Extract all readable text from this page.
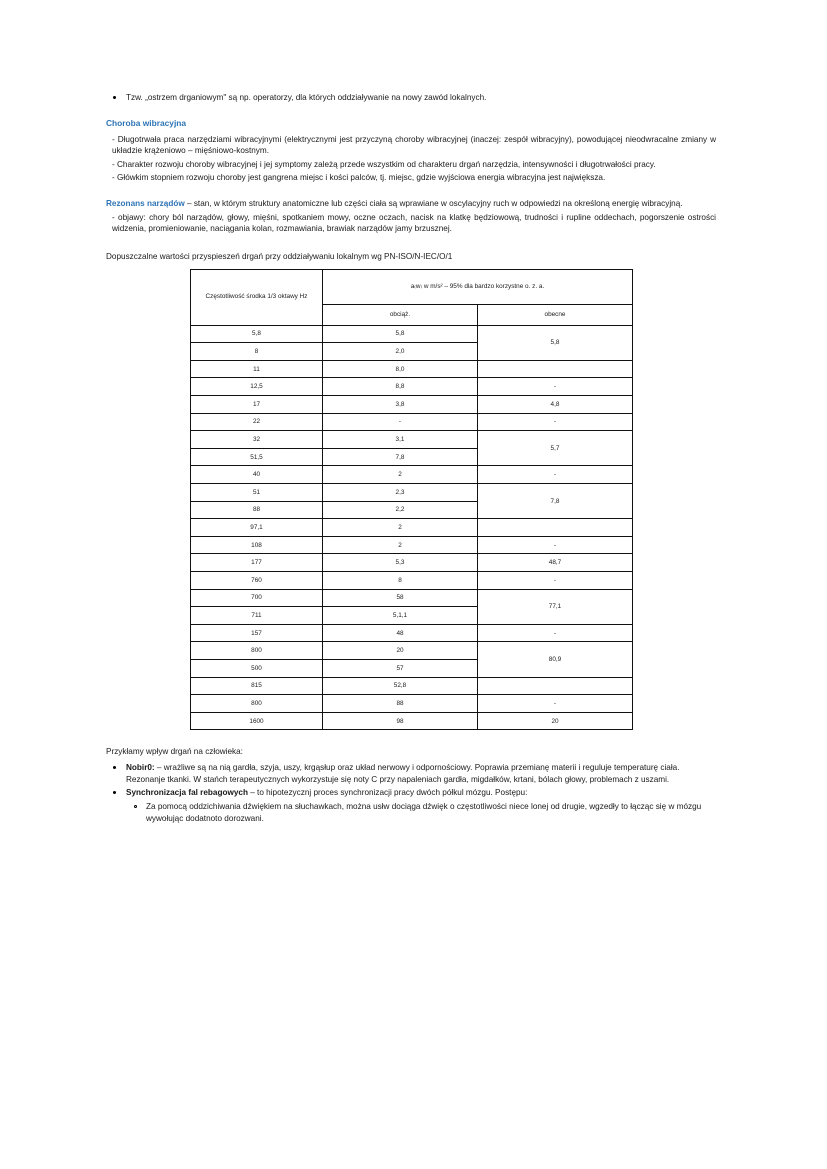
Tzw. „ostrzem drganiowym" są np. operatorzy, dla których oddziaływanie na nowy zawód lokalnych.
Choroba wibracyjna

- Długotrwała praca narzędziami wibracyjnymi (elektrycznymi jest przyczyną choroby wibracyjnej (inaczej: zespół wibracyjny), powodującej nieodwracalne zmiany w układzie krążeniowo – mięśniowo-kostnym.

- Charakter rozwoju choroby wibracyjnej i jej symptomy zależą przede wszystkim od charakteru drgań narzędzia, intensywności i długotrwałości pracy.

- Główkim stopniem rozwoju choroby jest gangrena miejsc i kości palców, tj. miejsc, gdzie wyjściowa energia wibracyjna jest największa.

Rezonans narządów – stan, w którym struktury anatomiczne lub części ciała są wprawiane w oscylacyjny ruch w odpowiedzi na określoną energię wibracyjną.

- objawy: chory ból narządów, głowy, mięśni, spotkaniem mowy, oczne oczach, nacisk na klatkę będziowową, trudności i rupline oddechach, pogorszenie ostrości widzenia, promieniowanie, naciągania kolan, rozmawiania, brawiak narządów jamy brzusznej.

Dopuszczalne wartości przyspieszeń drgań przy oddziaływaniu lokalnym wg PN-ISO/N-IEC/O/1
Częstotliwość środka 1/3 oktawy Hz	a₍w₎ w m/s² – 95% dla bardzo korzystne o. z. a.	
	obciąż.	obecne
5,8	5,8	5,8
8	2,0	
11	8,0	
12,5	8,8	-
17	3,8	4,8
22	-	-
32	3,1	5,7
51,5	7,8	
40	2	-
51	2,3	7,8
88	2,2	
97,1	2	
108	2	-
177	5,3	48,7
760	8	-
700	58	77,1
711	5,1,1	
157	48	-
800	20	80,9
500	57	
815	52,8	
800	88	-
1600	98	20
Przykłamy wpływ drgań na człowieka:
Nobir0: – wrażliwe są na nią gardła, szyja, uszy, krgąsłup oraz układ nerwowy i odpornościowy. Poprawia przemianę materii i reguluje temperaturę ciała. Rezonanje tkanki. W stańch terapeutycznych wykorzystuje się noty C przy napaleniach gardła, migdałków, krtani, bólach głowy, problemach z uszami.
Synchronizacja fal rebagowych – to hipotezycznj proces synchronizacji pracy dwóch półkul mózgu. Postępu:
Za pomocą oddzichiwania dźwiękiem na słuchawkach, można usłw dociąga dźwięk o częstotliwości niece lonej od drugie, wgzedły to łącząc się w mózgu wywołując dodatnoto dorozwani.
